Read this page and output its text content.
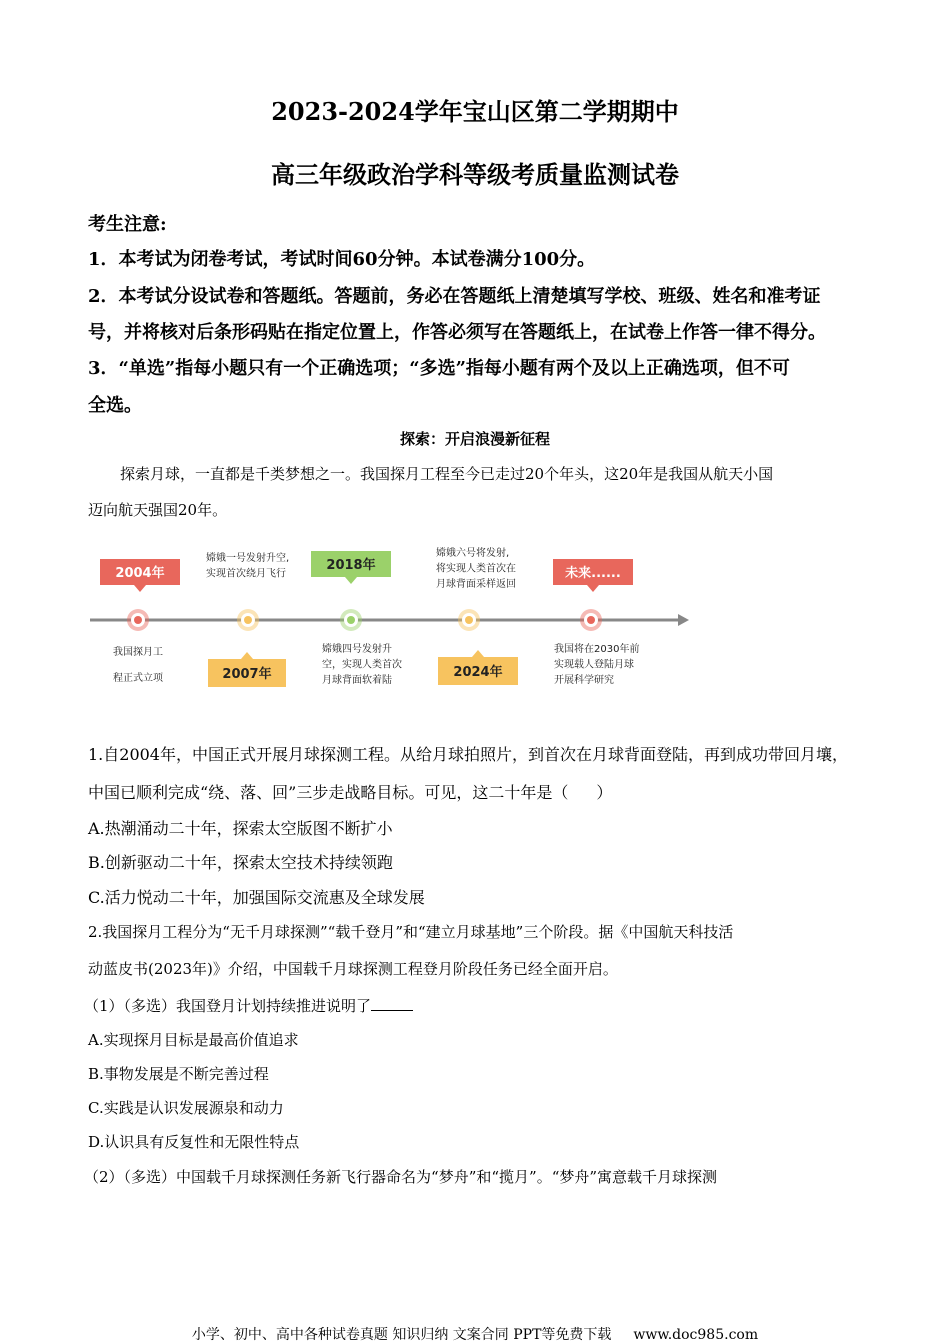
2023-2024学年宝山区第二学期期中
高三年级政治学科等级考质量监测试卷
考生注意:
1．本考试为闭卷考试，考试时间60分钟。本试卷满分100分。
2．本考试分设试卷和答题纸。答题前，务必在答题纸上清楚填写学校、班级、姓名和准考证
号，并将核对后条形码贴在指定位置上，作答必须写在答题纸上，在试卷上作答一律不得分。
3．“单选”指每小题只有一个正确选项；“多选”指每小题有两个及以上正确选项，但不可
全选。
探索：开启浪漫新征程
探索月球，一直都是千类梦想之一。我国探月工程至今已走过20个年头，这20年是我国从航天小国
迈向航天强国20年。
2004年
我国探月工
程正式立项	2007年
嫦娥一号发射升空,
实现首次绕月飞行
2018年
嫦娥四号发射升
空，实现人类首次
月球背面软着陆
2024年
嫦娥六号将发射,
将实现人类首次在
月球背面采样返回
未来......
我国将在2030年前
实现载人登陆月球
开展科学研究
1.自2004年，中国正式开展月球探测工程。从给月球拍照片，到首次在月球背面登陆，再到成功带回月壤，
中国已顺利完成“绕、落、回”三步走战略目标。可见，这二十年是（ ）
A.热潮涌动二十年，探索太空版图不断扩小
B.创新驱动二十年，探索太空技术持续领跑
C.活力悦动二十年，加强国际交流惠及全球发展
2.我国探月工程分为“无千月球探测”“载千登月”和“建立月球基地”三个阶段。据《中国航天科技活
动蓝皮书(2023年)》介绍，中国载千月球探测工程登月阶段任务已经全面开启。
（1）（多选）我国登月计划持续推进说明了
A.实现探月目标是最高价值追求
B.事物发展是不断完善过程
C.实践是认识发展源泉和动力
D.认识具有反复性和无限性特点
（2）（多选）中国载千月球探测任务新飞行器命名为“梦舟”和“揽月”。“梦舟”寓意载千月球探测
小学、初中、高中各种试卷真题 知识归纳 文案合同 PPT等免费下载 www.doc985.com
